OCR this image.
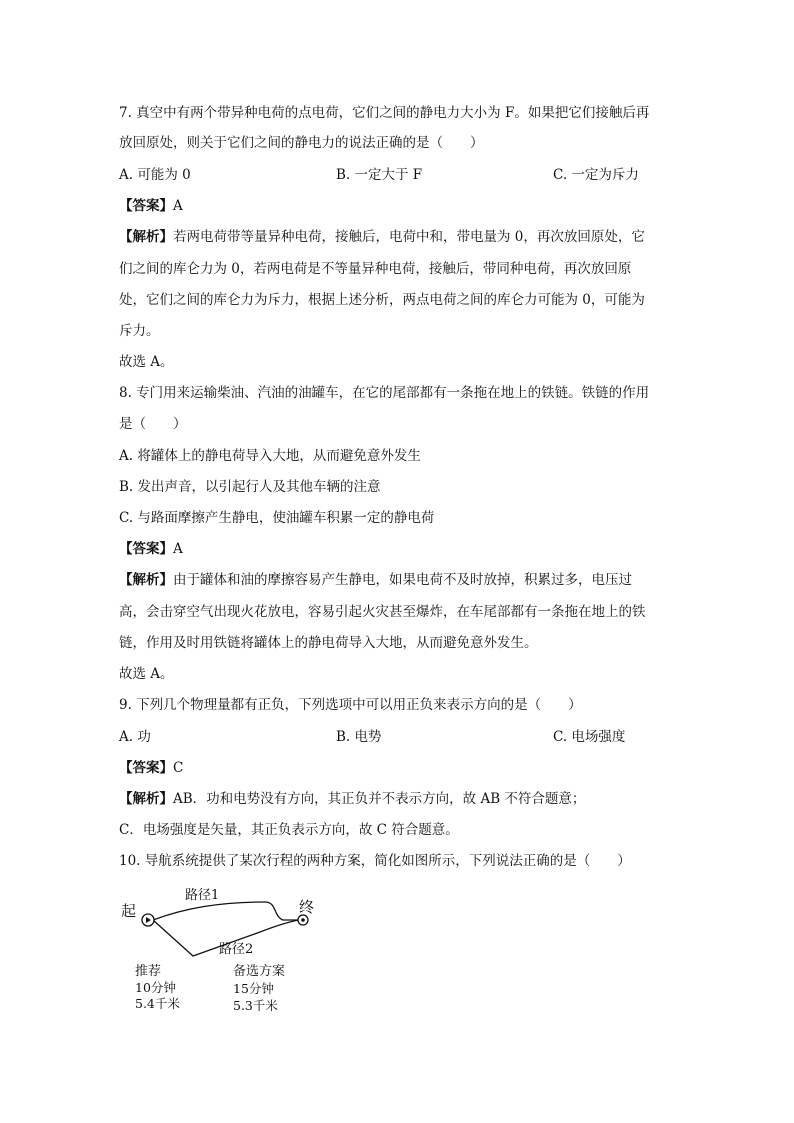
7. 真空中有两个带异种电荷的点电荷，它们之间的静电力大小为 F。如果把它们接触后再
放回原处，则关于它们之间的静电力的说法正确的是（　　）
A. 可能为 0	B. 一定大于 F	C. 一定为斥力
【答案】A
【解析】若两电荷带等量异种电荷，接触后，电荷中和，带电量为 0，再次放回原处，它
们之间的库仑力为 0，若两电荷是不等量异种电荷，接触后，带同种电荷，再次放回原
处，它们之间的库仑力为斥力，根据上述分析，两点电荷之间的库仑力可能为 0，可能为
斥力。
故选 A。
8. 专门用来运输柴油、汽油的油罐车，在它的尾部都有一条拖在地上的铁链。铁链的作用
是（　　）
A. 将罐体上的静电荷导入大地，从而避免意外发生
B. 发出声音，以引起行人及其他车辆的注意
C. 与路面摩擦产生静电，使油罐车积累一定的静电荷
【答案】A
【解析】由于罐体和油的摩擦容易产生静电，如果电荷不及时放掉，积累过多，电压过
高，会击穿空气出现火花放电，容易引起火灾甚至爆炸，在车尾部都有一条拖在地上的铁
链，作用及时用铁链将罐体上的静电荷导入大地，从而避免意外发生。
故选 A。
9. 下列几个物理量都有正负，下列选项中可以用正负来表示方向的是（　　）
A. 功	B. 电势	C. 电场强度
【答案】C
【解析】AB．功和电势没有方向，其正负并不表示方向，故 AB 不符合题意；
C．电场强度是矢量，其正负表示方向，故 C 符合题意。
10. 导航系统提供了某次行程的两种方案，简化如图所示，下列说法正确的是（　　）
起	终
路径1
路径2
推荐
10分钟
5.4千米
备选方案
15分钟
5.3千米
